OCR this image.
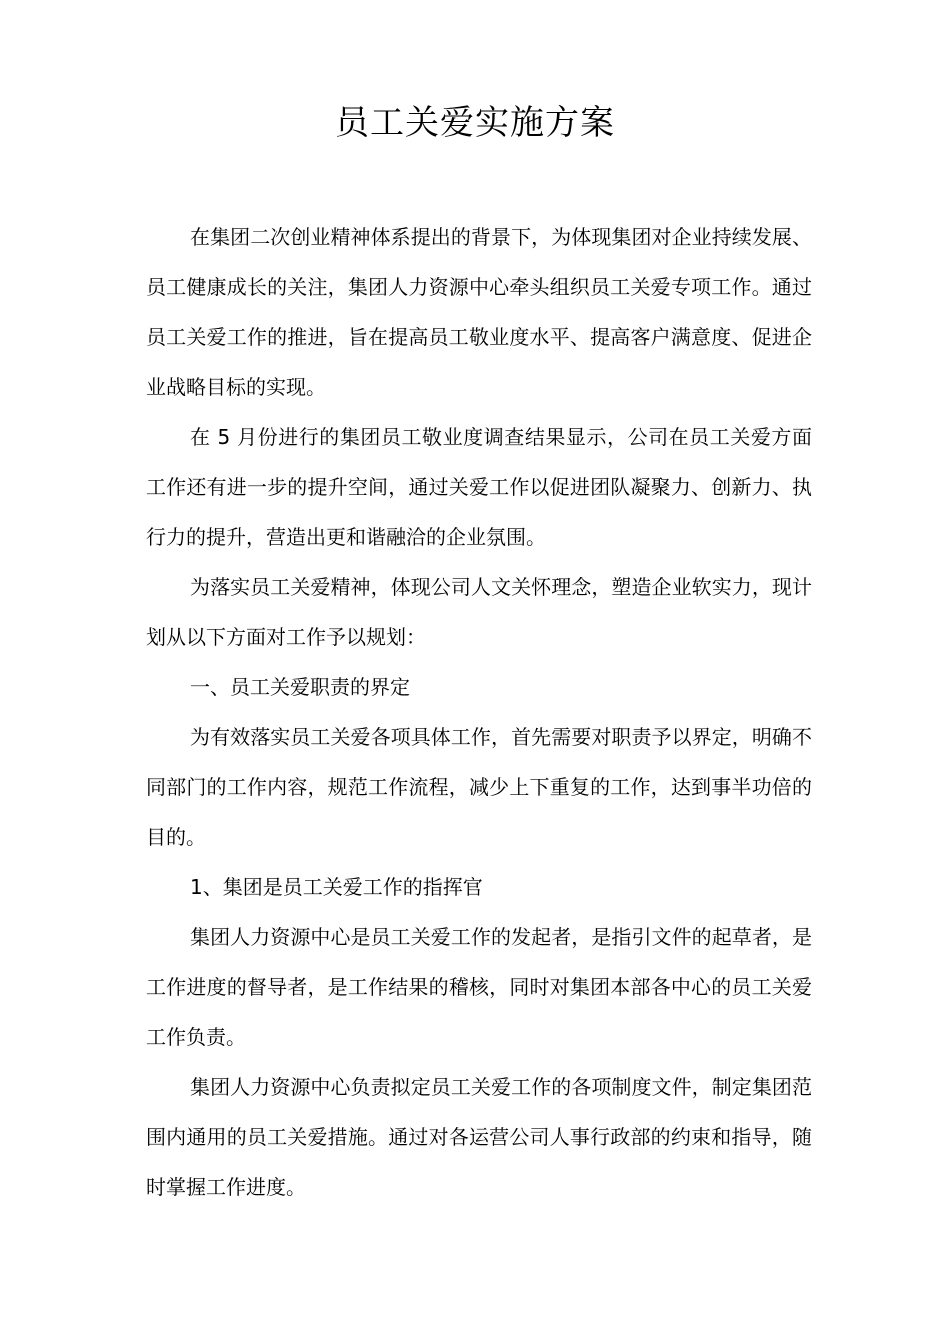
员工关爱实施方案

在集团二次创业精神体系提出的背景下，为体现集团对企业持续发展、员工健康成长的关注，集团人力资源中心牵头组织员工关爱专项工作。通过员工关爱工作的推进，旨在提高员工敬业度水平、提高客户满意度、促进企业战略目标的实现。

在 5 月份进行的集团员工敬业度调查结果显示，公司在员工关爱方面工作还有进一步的提升空间，通过关爱工作以促进团队凝聚力、创新力、执行力的提升，营造出更和谐融洽的企业氛围。

为落实员工关爱精神，体现公司人文关怀理念，塑造企业软实力，现计划从以下方面对工作予以规划：

一、员工关爱职责的界定

为有效落实员工关爱各项具体工作，首先需要对职责予以界定，明确不同部门的工作内容，规范工作流程，减少上下重复的工作，达到事半功倍的目的。

1、集团是员工关爱工作的指挥官

集团人力资源中心是员工关爱工作的发起者，是指引文件的起草者，是工作进度的督导者，是工作结果的稽核，同时对集团本部各中心的员工关爱工作负责。

集团人力资源中心负责拟定员工关爱工作的各项制度文件，制定集团范围内通用的员工关爱措施。通过对各运营公司人事行政部的约束和指导，随时掌握工作进度。
